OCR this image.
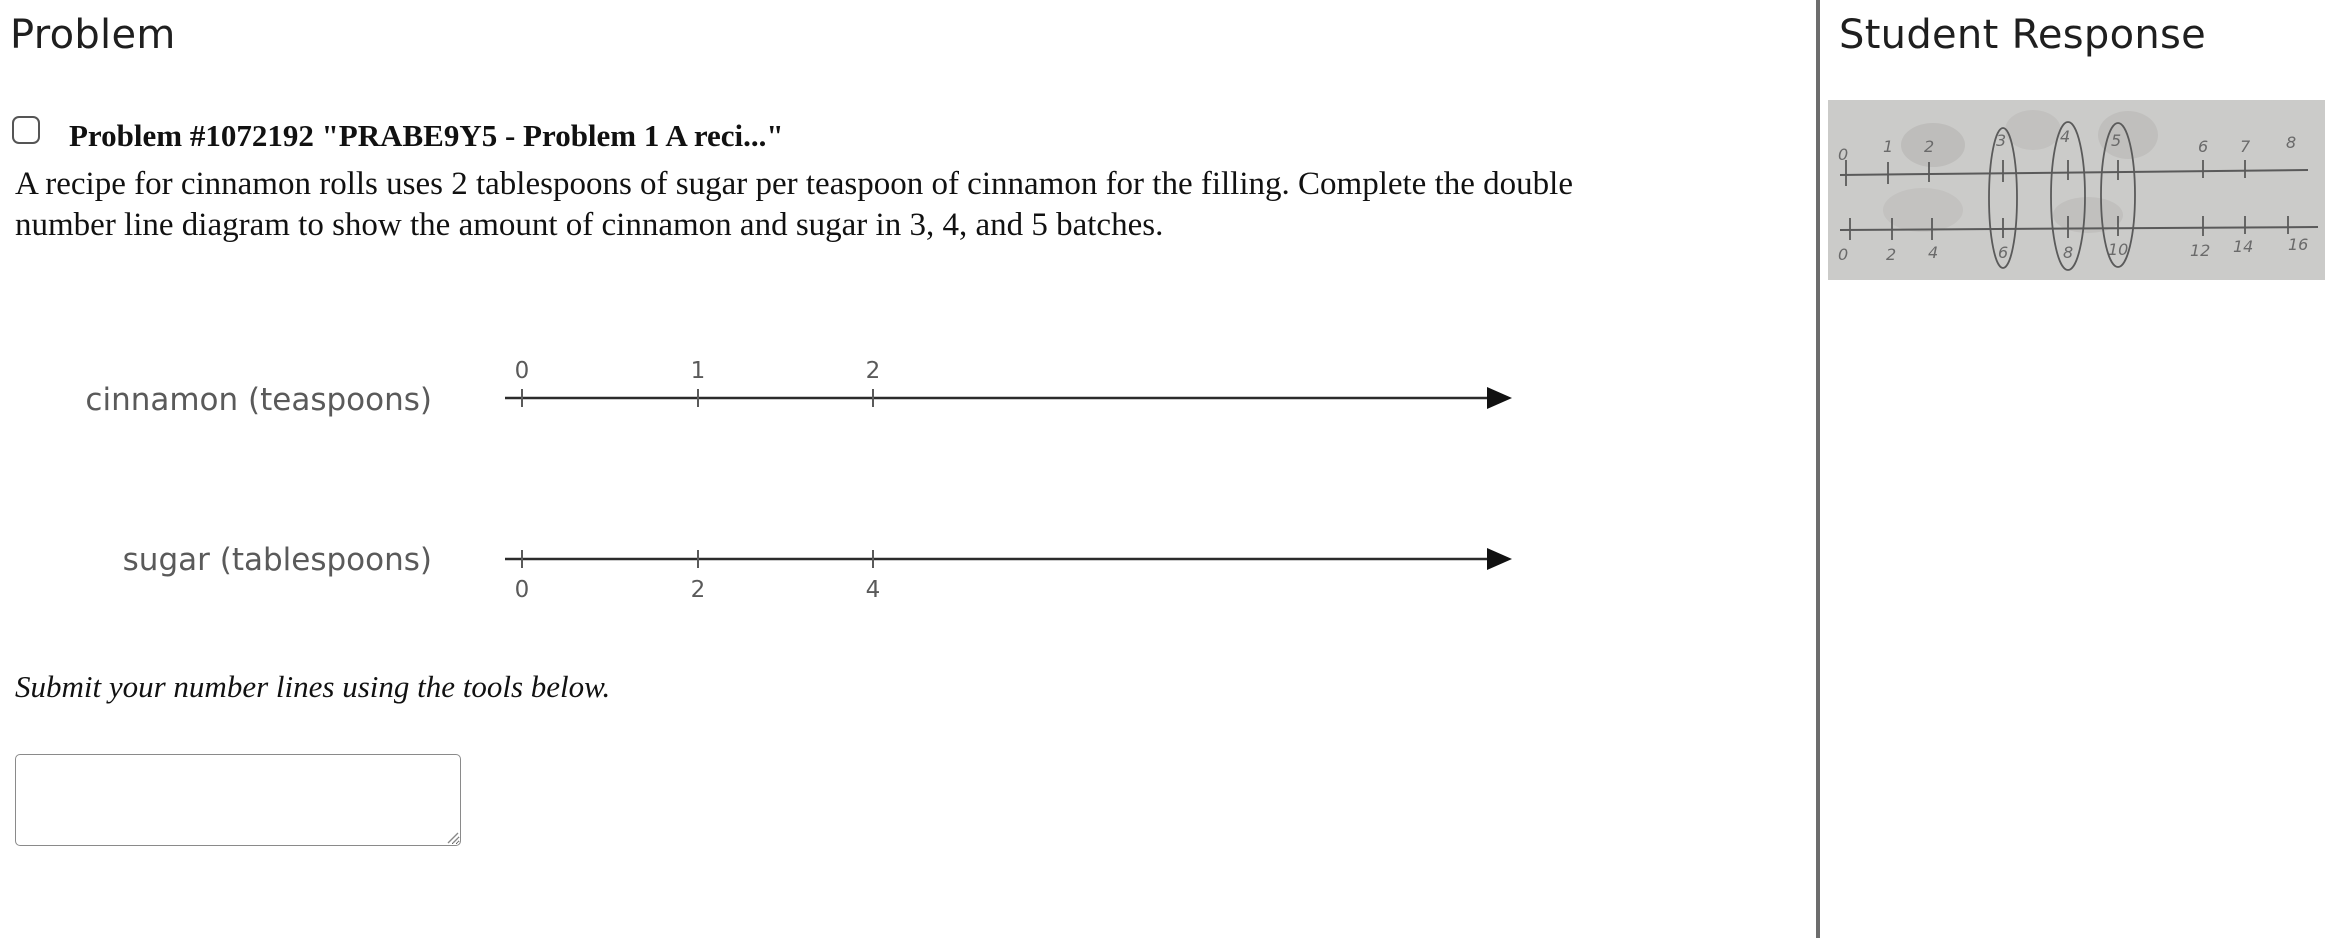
Problem
Problem #1072192 "PRABE9Y5 - Problem 1 A reci..."

A recipe for cinnamon rolls uses 2 tablespoons of sugar per teaspoon of cinnamon for the filling. Complete the double number line diagram to show the amount of cinnamon and sugar in 3, 4, and 5 batches.

cinnamon (teaspoons)
0	1	2
sugar (tablespoons)
0	2	4

Submit your number lines using the tools below.

Student Response
0 1 2	3	4	5	6 7 8
0 2 4	6	8 10	12 14 16
